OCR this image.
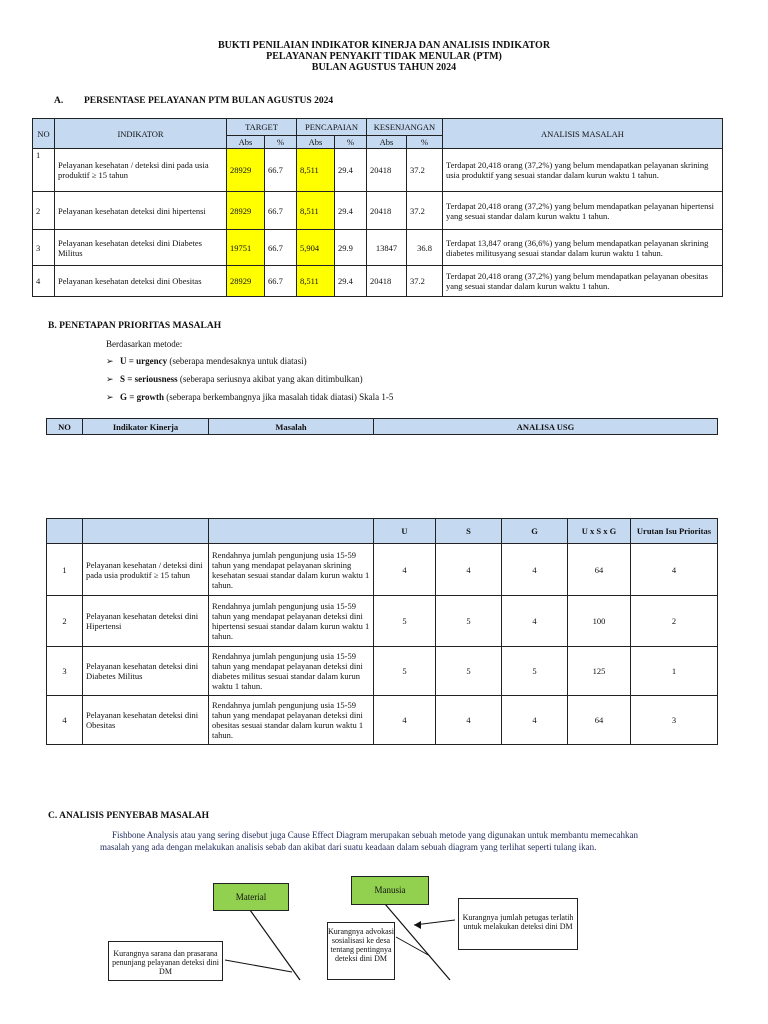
BUKTI PENILAIAN INDIKATOR KINERJA DAN ANALISIS INDIKATOR
PELAYANAN PENYAKIT TIDAK MENULAR (PTM)
BULAN AGUSTUS TAHUN 2024
A. PERSENTASE PELAYANAN PTM BULAN AGUSTUS 2024
NO	INDIKATOR	TARGET		PENCAPAIAN		KESENJANGAN		ANALISIS MASALAH
		Abs	%	Abs	%	Abs	%	
1	Pelayanan kesehatan / deteksi dini pada usia produktif ≥ 15 tahun	28929	66.7	8,511	29.4	20418	37.2	Terdapat 20,418 orang (37,2%) yang belum mendapatkan pelayanan skrining usia produktif yang sesuai standar dalam kurun waktu 1 tahun.
2	Pelayanan kesehatan deteksi dini hipertensi	28929	66.7	8,511	29.4	20418	37.2	Terdapat 20,418 orang (37,2%) yang belum mendapatkan pelayanan hipertensi yang sesuai standar dalam kurun waktu 1 tahun.
3	Pelayanan kesehatan deteksi dini Diabetes Militus	19751	66.7	5,904	29.9	13847	36.8	Terdapat 13,847 orang (36,6%) yang belum mendapatkan pelayanan skrining diabetes militusyang sesuai standar dalam kurun waktu 1 tahun.
4	Pelayanan kesehatan deteksi dini Obesitas	28929	66.7	8,511	29.4	20418	37.2	Terdapat 20,418 orang (37,2%) yang belum mendapatkan pelayanan obesitas yang sesuai standar dalam kurun waktu 1 tahun.
B. PENETAPAN PRIORITAS MASALAH
Berdasarkan metode:
➢ U = urgency (seberapa mendesaknya untuk diatasi)
➢ S = seriousness (seberapa seriusnya akibat yang akan ditimbulkan)
➢ G = growth (seberapa berkembangnya jika masalah tidak diatasi) Skala 1-5
NO	Indikator Kinerja	Masalah	ANALISA USG
			U	S	G	U x S x G	Urutan Isu Prioritas
1	Pelayanan kesehatan / deteksi dini pada usia produktif ≥ 15 tahun	Rendahnya jumlah pengunjung usia 15-59 tahun yang mendapat pelayanan skrining kesehatan sesuai standar dalam kurun waktu 1 tahun.	4	4	4	64	4
2	Pelayanan kesehatan deteksi dini Hipertensi	Rendahnya jumlah pengunjung usia 15-59 tahun yang mendapat pelayanan deteksi dini hipertensi sesuai standar dalam kurun waktu 1 tahun.	5	5	4	100	2
3	Pelayanan kesehatan deteksi dini Diabetes Militus	Rendahnya jumlah pengunjung usia 15-59 tahun yang mendapat pelayanan deteksi dini diabetes militus sesuai standar dalam kurun waktu 1 tahun.	5	5	5	125	1
4	Pelayanan kesehatan deteksi dini Obesitas	Rendahnya jumlah pengunjung usia 15-59 tahun yang mendapat pelayanan deteksi dini obesitas sesuai standar dalam kurun waktu 1 tahun.	4	4	4	64	3
C. ANALISIS PENYEBAB MASALAH
Fishbone Analysis atau yang sering disebut juga Cause Effect Diagram merupakan sebuah metode yang digunakan untuk membantu memecahkan
masalah yang ada dengan melakukan analisis sebab dan akibat dari suatu keadaan dalam sebuah diagram yang terlihat seperti tulang ikan.
Material
Manusia
Kurangnya sarana dan prasarana penunjang pelayanan deteksi dini DM
Kurangnya advokasi sosialisasi ke desa tentang pentingnya deteksi dini DM
Kurangnya jumlah petugas terlatih untuk melakukan deteksi dini DM
